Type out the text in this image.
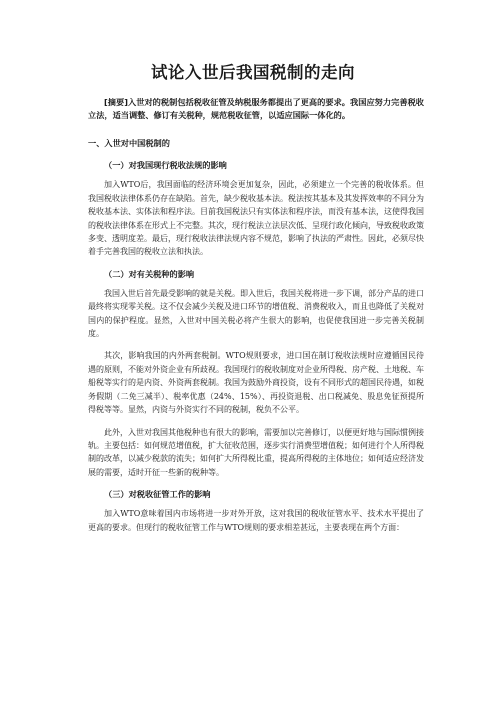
试论入世后我国税制的走向
[摘要]入世对的税制包括税收征管及纳税服务都提出了更高的要求。我国应努力完善税收立法，适当调整、修订有关税种，规范税收征管，以适应国际一体化的。
一、入世对中国税制的
（一）对我国现行税收法规的影响

加入WTO后，我国面临的经济环境会更加复杂，因此，必须建立一个完善的税收体系。但我国税收法律体系仍存在缺陷。首先，缺少税收基本法。税法按其基本及其发挥效率的不同分为税收基本法、实体法和程序法。目前我国税法只有实体法和程序法，而没有基本法，这使得我国的税收法律体系在形式上不完整。其次，现行税法立法层次低、呈现行政化倾向，导致税收政策多变、透明度差。最后，现行税收法律法规内容不规范，影响了执法的严肃性。因此，必须尽快着手完善我国的税收立法和执法。

（二）对有关税种的影响

我国入世后首先最受影响的就是关税。即入世后，我国关税将进一步下调，部分产品的进口最终将实现零关税。这不仅会减少关税及进口环节的增值税、消费税收入，而且也降低了关税对国内的保护程度。显然，入世对中国关税必将产生很大的影响，也促使我国进一步完善关税制度。

其次，影响我国的内外两套税制。WTO规则要求，进口国在制订税收法规时应遵循国民待遇的原则，不能对外资企业有所歧视。我国现行的税收制度对企业所得税、房产税、土地税、车船税等实行的是内资、外资两套税制。我国为鼓励外商投资，设有不同形式的超国民待遇，如税务假期（二免三减半）、税率优惠（24%、15%）、再投资退税、出口税减免、股息免征预提所得税等等。显然，内资与外资实行不同的税制，税负不公平。

此外，入世对我国其他税种也有很大的影响，需要加以完善修订，以便更好地与国际惯例接轨。主要包括：如何规范增值税，扩大征收范围，逐步实行消费型增值税；如何进行个人所得税制的改革，以减少税款的流失；如何扩大所得税比重，提高所得税的主体地位；如何适应经济发展的需要，适时开征一些新的税种等。

（三）对税收征管工作的影响

加入WTO意味着国内市场将进一步对外开放，这对我国的税收征管水平、技术水平提出了更高的要求。但现行的税收征管工作与WTO规则的要求相差甚远，主要表现在两个方面：
